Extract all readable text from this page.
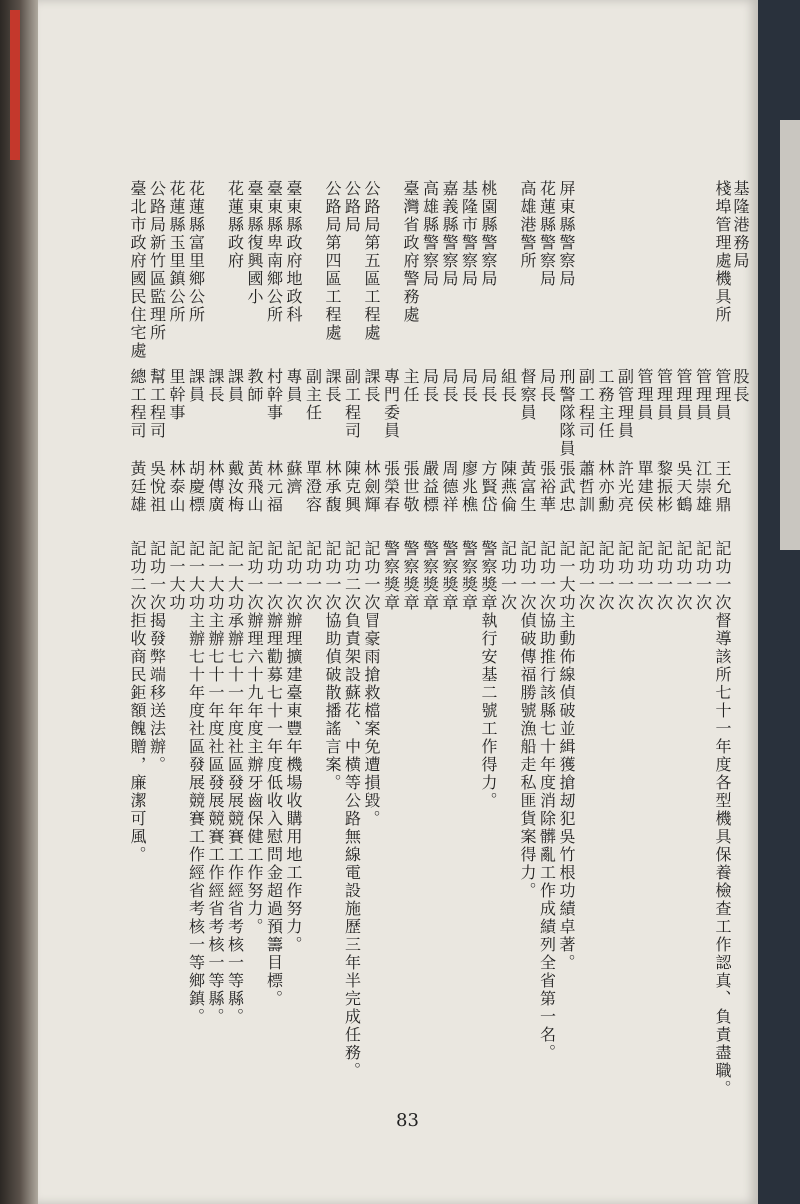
基隆港務局
棧埠管理處機具所
股長
管理員
王允鼎
記功一次
督導該所七十一年度各型機具保養檢查工作認真、負責盡職。
管理員
江崇雄
記功一次
管理員
吳天鶴
記功一次
管理員
黎振彬
記功一次
管理員
單建侯
記功一次
副管理員
許光亮
記功一次
工務主任
林亦勳
記功一次
副工程司
蕭哲訓
記功一次
屏東縣警察局
刑警隊隊員
張武忠
記一大功
主動佈線偵破並緝獲搶刼犯吳竹根功績卓著。
花蓮縣警察局
局長
張裕華
記功一次
協助推行該縣七十年度消除髒亂工作成績列全省第一名。
高雄港警所
督察員
黃富生
記功一次
偵破傳福勝號漁船走私匪貨案得力。
組長
陳燕倫
記功一次
桃園縣警察局
局長
方賢岱
警察獎章
執行安基二號工作得力。
基隆市警察局
局長
廖兆樵
警察獎章
嘉義縣警察局
局長
周德祥
警察獎章
高雄縣警察局
局長
嚴益標
警察獎章
臺灣省政府警務處
主任
張世敬
警察獎章
專門委員
張榮春
警察獎章
公路局第五區工程處
課長
林劍輝
記功一次
冒豪雨搶救檔案免遭損毀。
公路局
副工程司
陳克興
記功二次
負責架設蘇花、中横等公路無線電設施歷三年半完成任務。
公路局第四區工程處
課長
林承馥
記功一次
協助偵破散播謠言案。
副主任
單澄容
記功一次
臺東縣政府地政科
專員
蘇濟
記功一次
辦理擴建臺東豐年機場收購用地工作努力。
臺東縣卑南鄉公所
村幹事
林元福
記功一次
辦理勸募七十一年度低收入慰問金超過預籌目標。
臺東縣復興國小
教師
黃飛山
記功一次
辦理六十九年度主辦牙齒保健工作努力。
花蓮縣政府
課員
戴汝梅
記一大功
承辦七十一年度社區發展競賽工作經省考核一等縣。
課長
林傳廣
記一大功
主辦七十一年度社區發展競賽工作經省考核一等縣。
花蓮縣富里鄉公所
課員
胡慶標
記一大功
主辦七十年度社區發展競賽工作經省考核一等鄉鎮。
花蓮縣玉里鎮公所
里幹事
林泰山
記一大功
公路局新竹區監理所
幫工程司
吳悅祖
記功一次
揭發弊端移送法辦。
臺北市政府國民住宅處
總工程司
黃廷雄
記功二次
拒收商民鉅額餽贈，廉潔可風。
83
